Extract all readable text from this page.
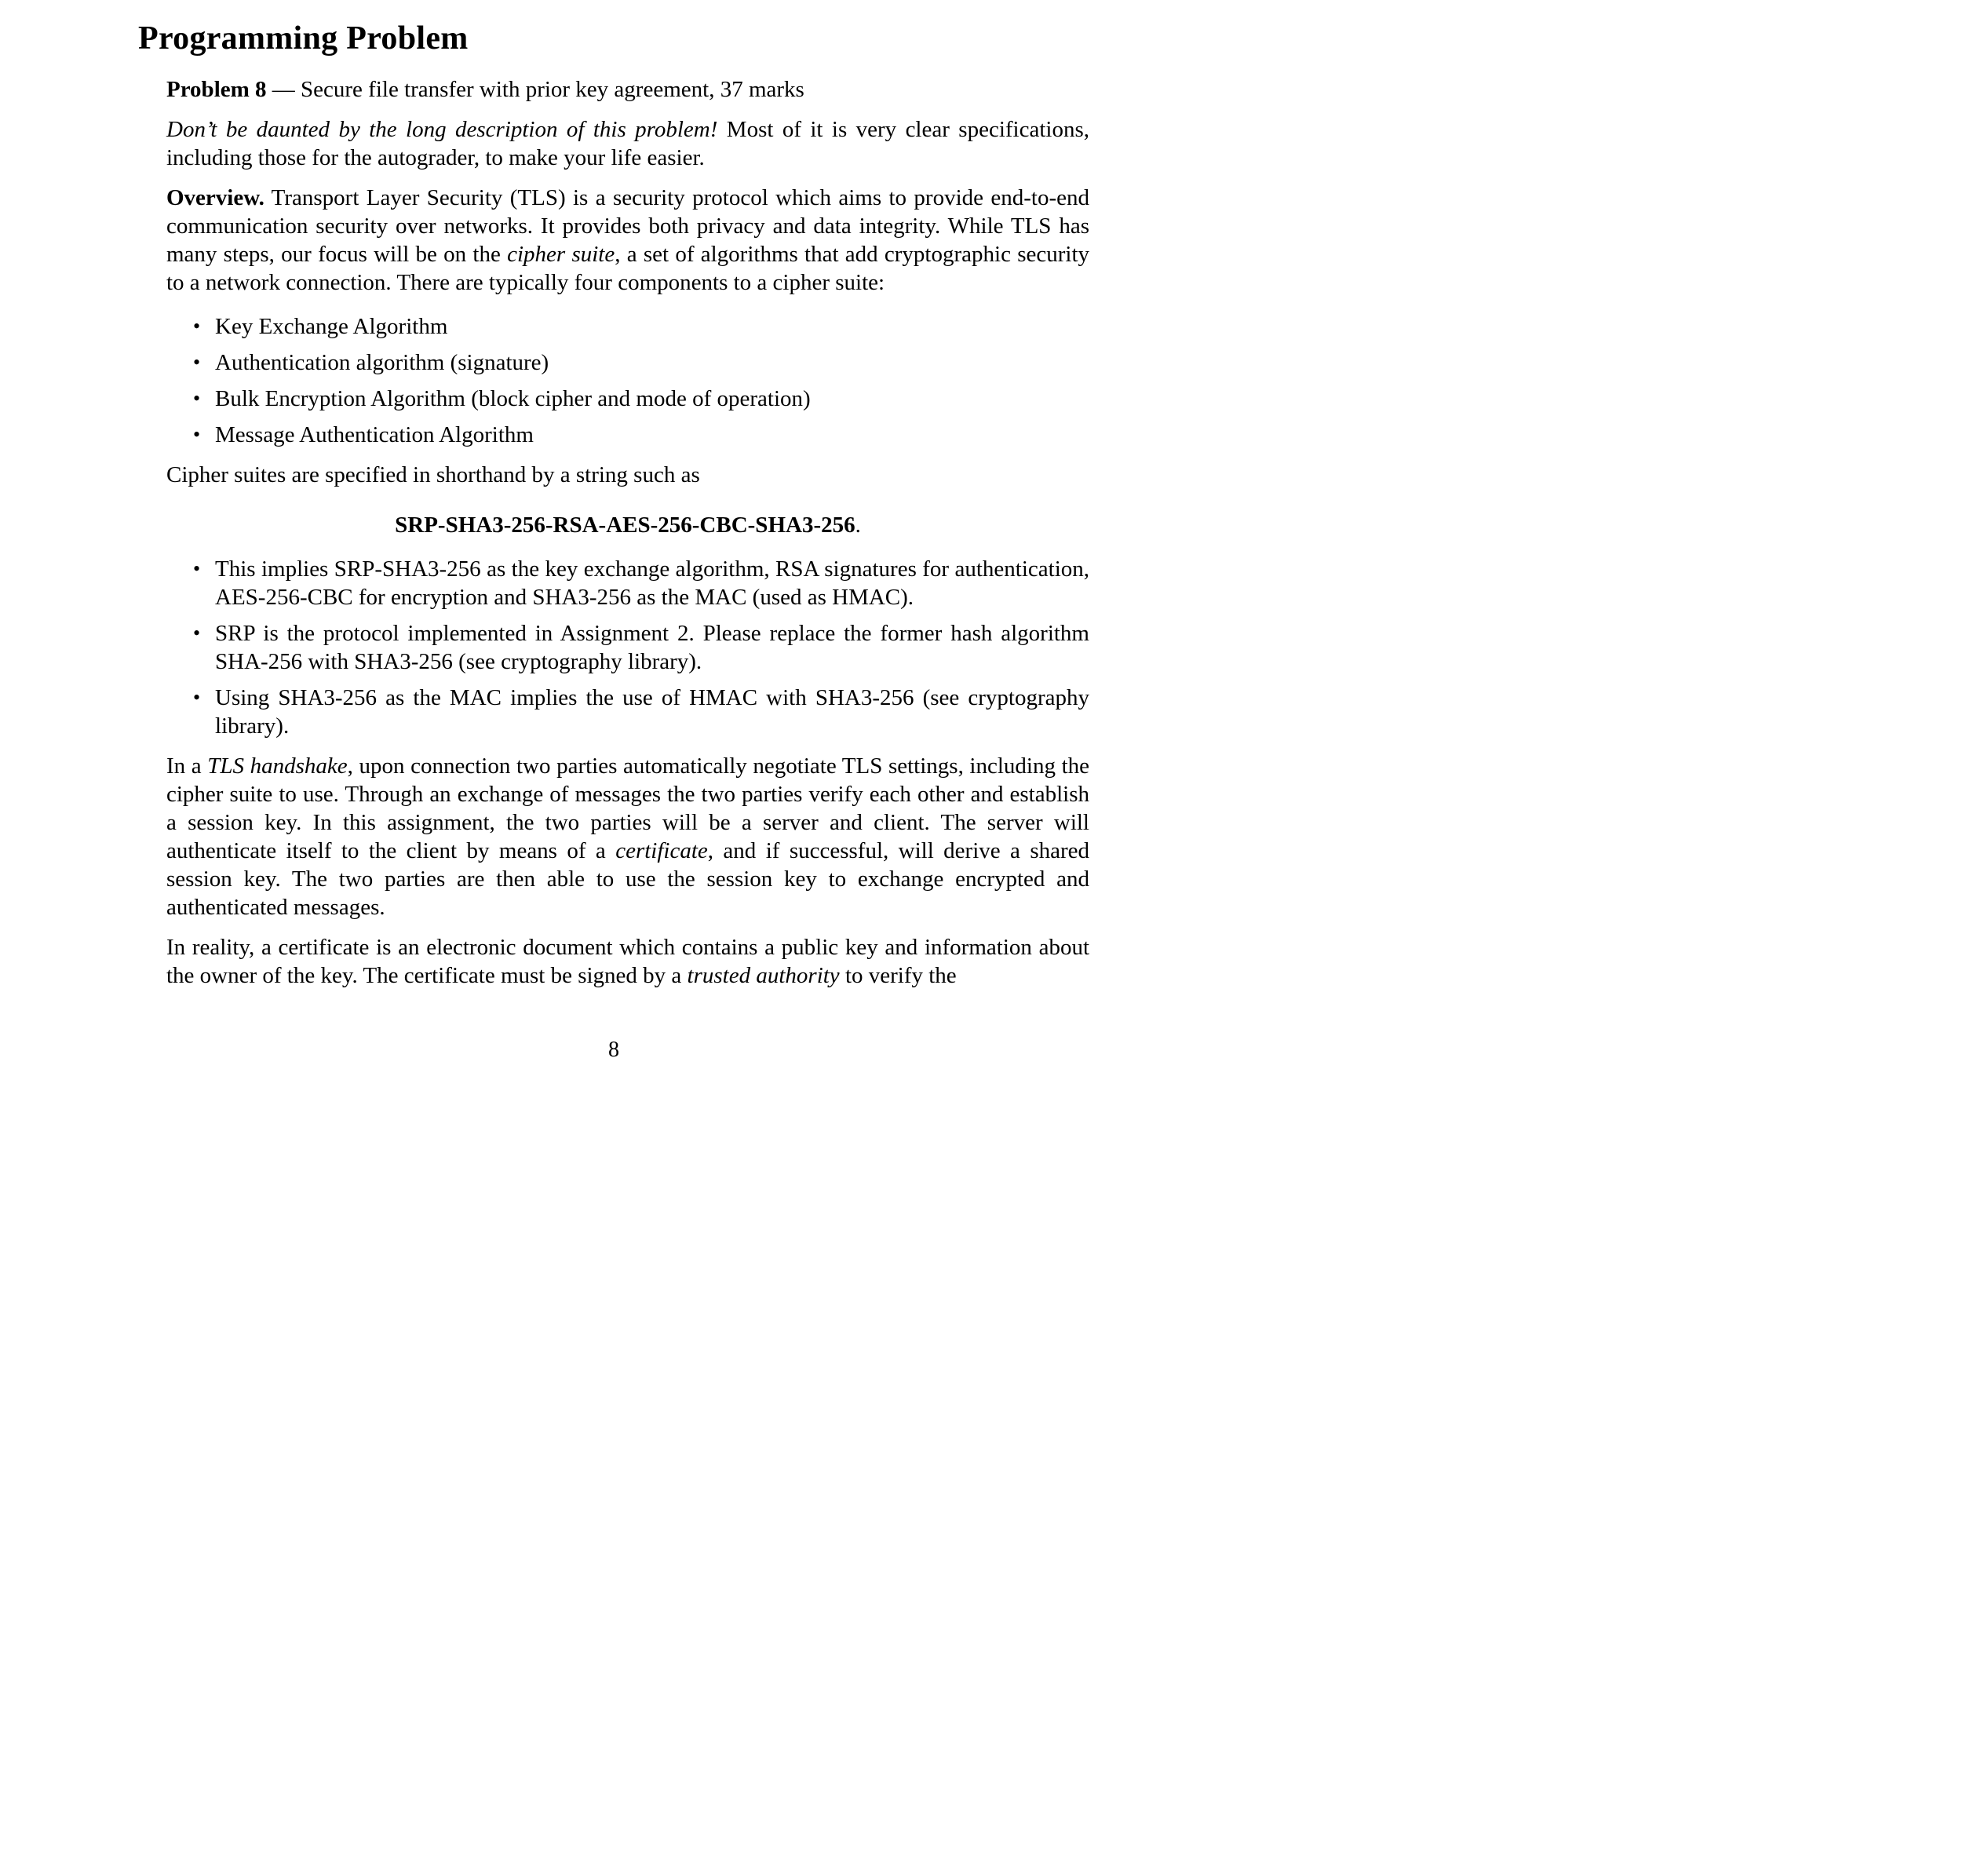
Programming Problem

Problem 8 — Secure file transfer with prior key agreement, 37 marks

Don’t be daunted by the long description of this problem! Most of it is very clear specifications, including those for the autograder, to make your life easier.

Overview. Transport Layer Security (TLS) is a security protocol which aims to provide end-to-end communication security over networks. It provides both privacy and data integrity. While TLS has many steps, our focus will be on the cipher suite, a set of algorithms that add cryptographic security to a network connection. There are typically four components to a cipher suite:

• Key Exchange Algorithm
• Authentication algorithm (signature)
• Bulk Encryption Algorithm (block cipher and mode of operation)
• Message Authentication Algorithm

Cipher suites are specified in shorthand by a string such as

SRP-SHA3-256-RSA-AES-256-CBC-SHA3-256.

• This implies SRP-SHA3-256 as the key exchange algorithm, RSA signatures for authentication, AES-256-CBC for encryption and SHA3-256 as the MAC (used as HMAC).
• SRP is the protocol implemented in Assignment 2. Please replace the former hash algorithm SHA-256 with SHA3-256 (see cryptography library).
• Using SHA3-256 as the MAC implies the use of HMAC with SHA3-256 (see cryptography library).

In a TLS handshake, upon connection two parties automatically negotiate TLS settings, including the cipher suite to use. Through an exchange of messages the two parties verify each other and establish a session key. In this assignment, the two parties will be a server and client. The server will authenticate itself to the client by means of a certificate, and if successful, will derive a shared session key. The two parties are then able to use the session key to exchange encrypted and authenticated messages.

In reality, a certificate is an electronic document which contains a public key and information about the owner of the key. The certificate must be signed by a trusted authority to verify the

8
